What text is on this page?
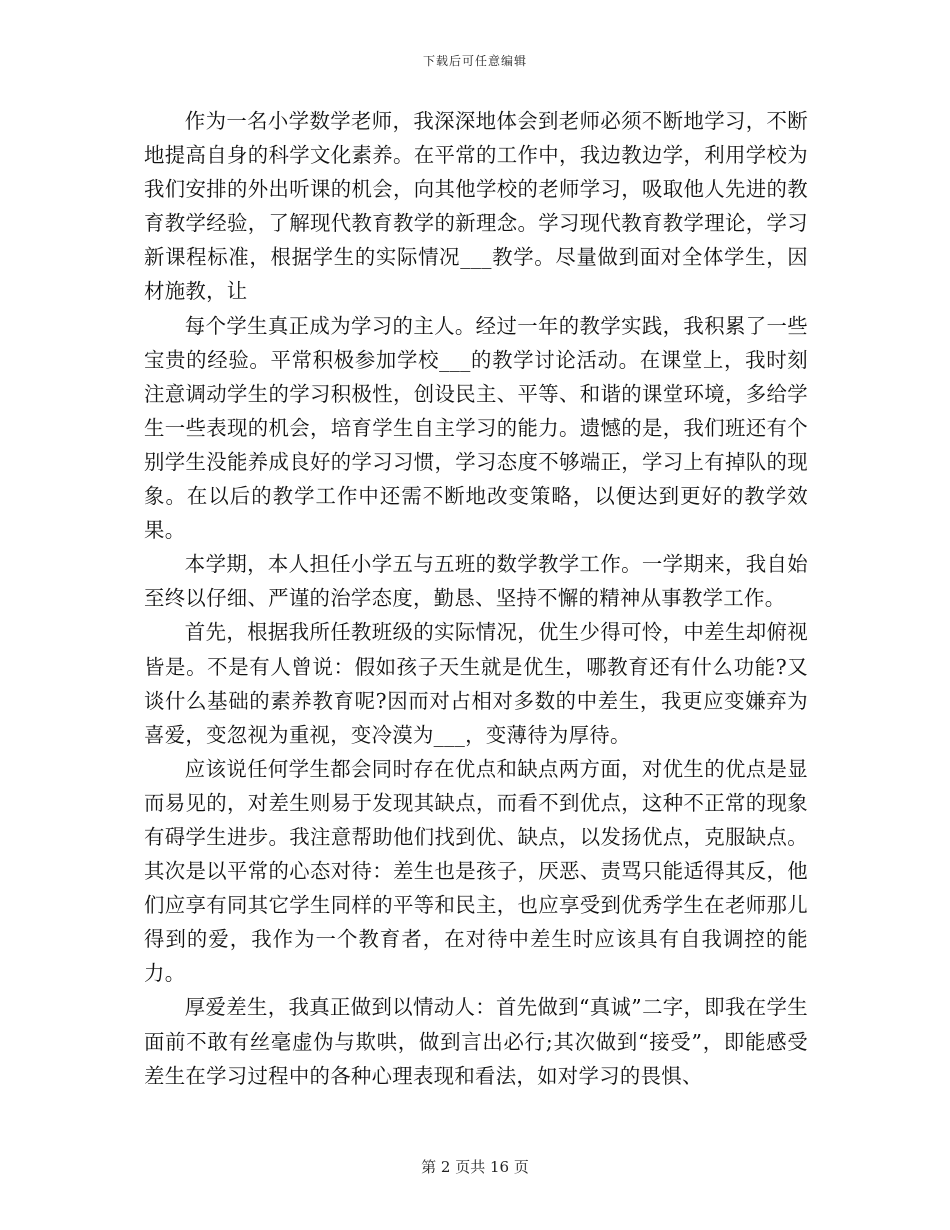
下载后可任意编辑

作为一名小学数学老师，我深深地体会到老师必须不断地学习，不断地提高自身的科学文化素养。在平常的工作中，我边教边学，利用学校为我们安排的外出听课的机会，向其他学校的老师学习，吸取他人先进的教育教学经验，了解现代教育教学的新理念。学习现代教育教学理论，学习新课程标准，根据学生的实际情况___教学。尽量做到面对全体学生，因材施教，让

每个学生真正成为学习的主人。经过一年的教学实践，我积累了一些宝贵的经验。平常积极参加学校___的教学讨论活动。在课堂上，我时刻注意调动学生的学习积极性，创设民主、平等、和谐的课堂环境，多给学生一些表现的机会，培育学生自主学习的能力。遗憾的是，我们班还有个别学生没能养成良好的学习习惯，学习态度不够端正，学习上有掉队的现象。在以后的教学工作中还需不断地改变策略，以便达到更好的教学效果。

本学期，本人担任小学五与五班的数学教学工作。一学期来，我自始至终以仔细、严谨的治学态度，勤恳、坚持不懈的精神从事教学工作。

首先，根据我所任教班级的实际情况，优生少得可怜，中差生却俯视皆是。不是有人曾说：假如孩子天生就是优生，哪教育还有什么功能?又谈什么基础的素养教育呢?因而对占相对多数的中差生，我更应变嫌弃为喜爱，变忽视为重视，变冷漠为___，变薄待为厚待。

应该说任何学生都会同时存在优点和缺点两方面，对优生的优点是显而易见的，对差生则易于发现其缺点，而看不到优点，这种不正常的现象有碍学生进步。我注意帮助他们找到优、缺点，以发扬优点，克服缺点。其次是以平常的心态对待：差生也是孩子，厌恶、责骂只能适得其反，他们应享有同其它学生同样的平等和民主，也应享受到优秀学生在老师那儿得到的爱，我作为一个教育者，在对待中差生时应该具有自我调控的能力。

厚爱差生，我真正做到以情动人：首先做到“真诚”二字，即我在学生面前不敢有丝毫虚伪与欺哄，做到言出必行;其次做到“接受”，即能感受差生在学习过程中的各种心理表现和看法，如对学习的畏惧、

第 2 页共 16 页
